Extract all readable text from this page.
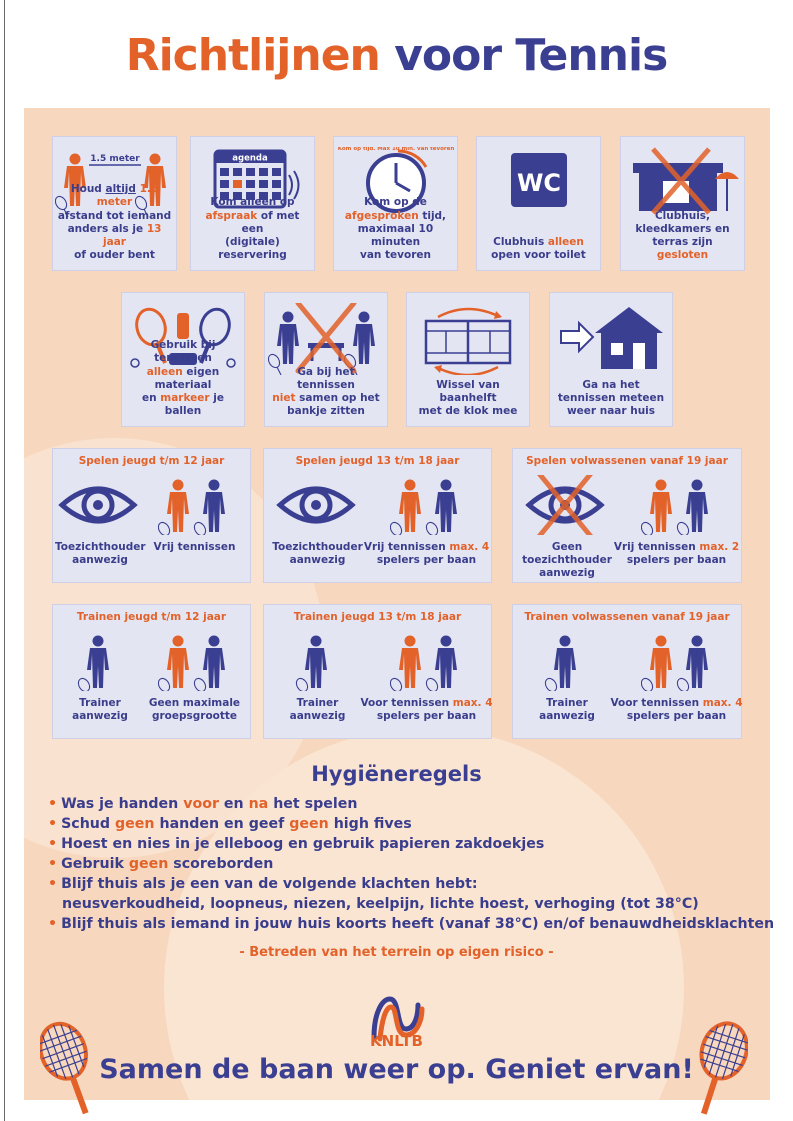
Richtlijnen voor Tennis
1.5 meter
Houd altijd 1.5 meter
afstand tot iemand
anders als je 13 jaar
of ouder bent
agenda
Kom alleen op
afspraak of met een
(digitale) reservering
Kom op tijd. Max 10 min. van tevoren
Kom op de
afgesproken tijd,
maximaal 10 minuten
van tevoren
WC
Clubhuis alleen
open voor toilet
Clubhuis,
kleedkamers en
terras zijn gesloten
Gebruik bij tennissen
alleen eigen materiaal
en markeer je ballen
Ga bij het tennissen
niet samen op het
bankje zitten
Wissel van baanhelft
met de klok mee
Ga na het
tennissen meteen
weer naar huis
Spelen jeugd t/m 12 jaar
Toezichthouder
aanwezig
Vrij tennissen
Spelen jeugd 13 t/m 18 jaar
Toezichthouder
aanwezig
Vrij tennissen max. 4
spelers per baan
Spelen volwassenen vanaf 19 jaar
Geen
toezichthouder
aanwezig
Vrij tennissen max. 2
spelers per baan
Trainen jeugd t/m 12 jaar
Trainer
aanwezig
Geen maximale
groepsgrootte
Trainen jeugd 13 t/m 18 jaar
Trainer
aanwezig
Voor tennissen max. 4
spelers per baan
Trainen volwassenen vanaf 19 jaar
Trainer
aanwezig
Voor tennissen max. 4
spelers per baan
Hygiëneregels
• Was je handen voor en na het spelen
• Schud geen handen en geef geen high fives
• Hoest en nies in je elleboog en gebruik papieren zakdoekjes
• Gebruik geen scoreborden
• Blijf thuis als je een van de volgende klachten hebt:
neusverkoudheid, loopneus, niezen, keelpijn, lichte hoest, verhoging (tot 38°C)
• Blijf thuis als iemand in jouw huis koorts heeft (vanaf 38°C) en/of benauwdheidsklachten
- Betreden van het terrein op eigen risico -
KNLTB
Samen de baan weer op. Geniet ervan!
